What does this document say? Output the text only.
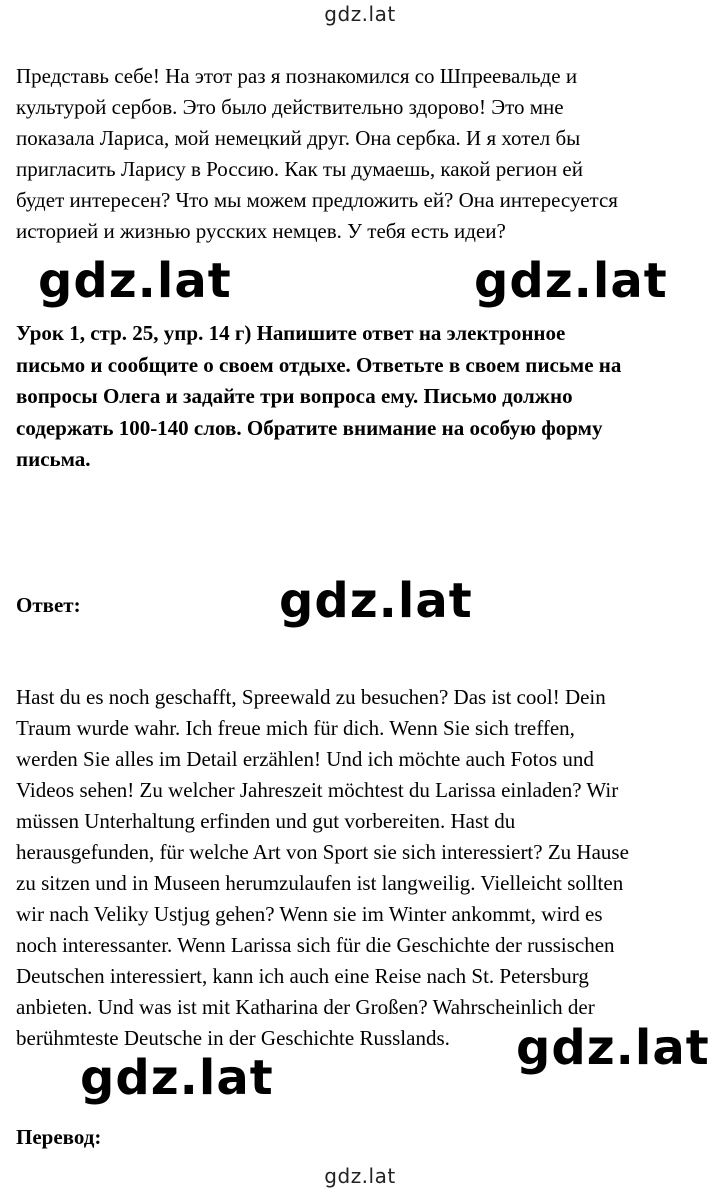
gdz.lat
Представь себе! На этот раз я познакомился со Шпреевальде и
культурой сербов. Это было действительно здорово! Это мне
показала Лариса, мой немецкий друг. Она сербка. И я хотел бы
пригласить Ларису в Россию. Как ты думаешь, какой регион ей
будет интересен? Что мы можем предложить ей? Она интересуется
историей и жизнью русских немцев. У тебя есть идеи?
Урок 1, стр. 25, упр. 14 г) Напишите ответ на электронное
письмо и сообщите о своем отдыхе. Ответьте в своем письме на
вопросы Олега и задайте три вопроса ему. Письмо должно
содержать 100-140 слов. Обратите внимание на особую форму
письма.
Ответ:
Hast du es noch geschafft, Spreewald zu besuchen? Das ist cool! Dein
Traum wurde wahr. Ich freue mich für dich. Wenn Sie sich treffen,
werden Sie alles im Detail erzählen! Und ich möchte auch Fotos und
Videos sehen! Zu welcher Jahreszeit möchtest du Larissa einladen? Wir
müssen Unterhaltung erfinden und gut vorbereiten. Hast du
herausgefunden, für welche Art von Sport sie sich interessiert? Zu Hause
zu sitzen und in Museen herumzulaufen ist langweilig. Vielleicht sollten
wir nach Veliky Ustjug gehen? Wenn sie im Winter ankommt, wird es
noch interessanter. Wenn Larissa sich für die Geschichte der russischen
Deutschen interessiert, kann ich auch eine Reise nach St. Petersburg
anbieten. Und was ist mit Katharina der Großen? Wahrscheinlich der
berühmteste Deutsche in der Geschichte Russlands.
Перевод:
gdz.lat	gdz.lat
gdz.lat
gdz.lat
gdz.lat
gdz.lat
